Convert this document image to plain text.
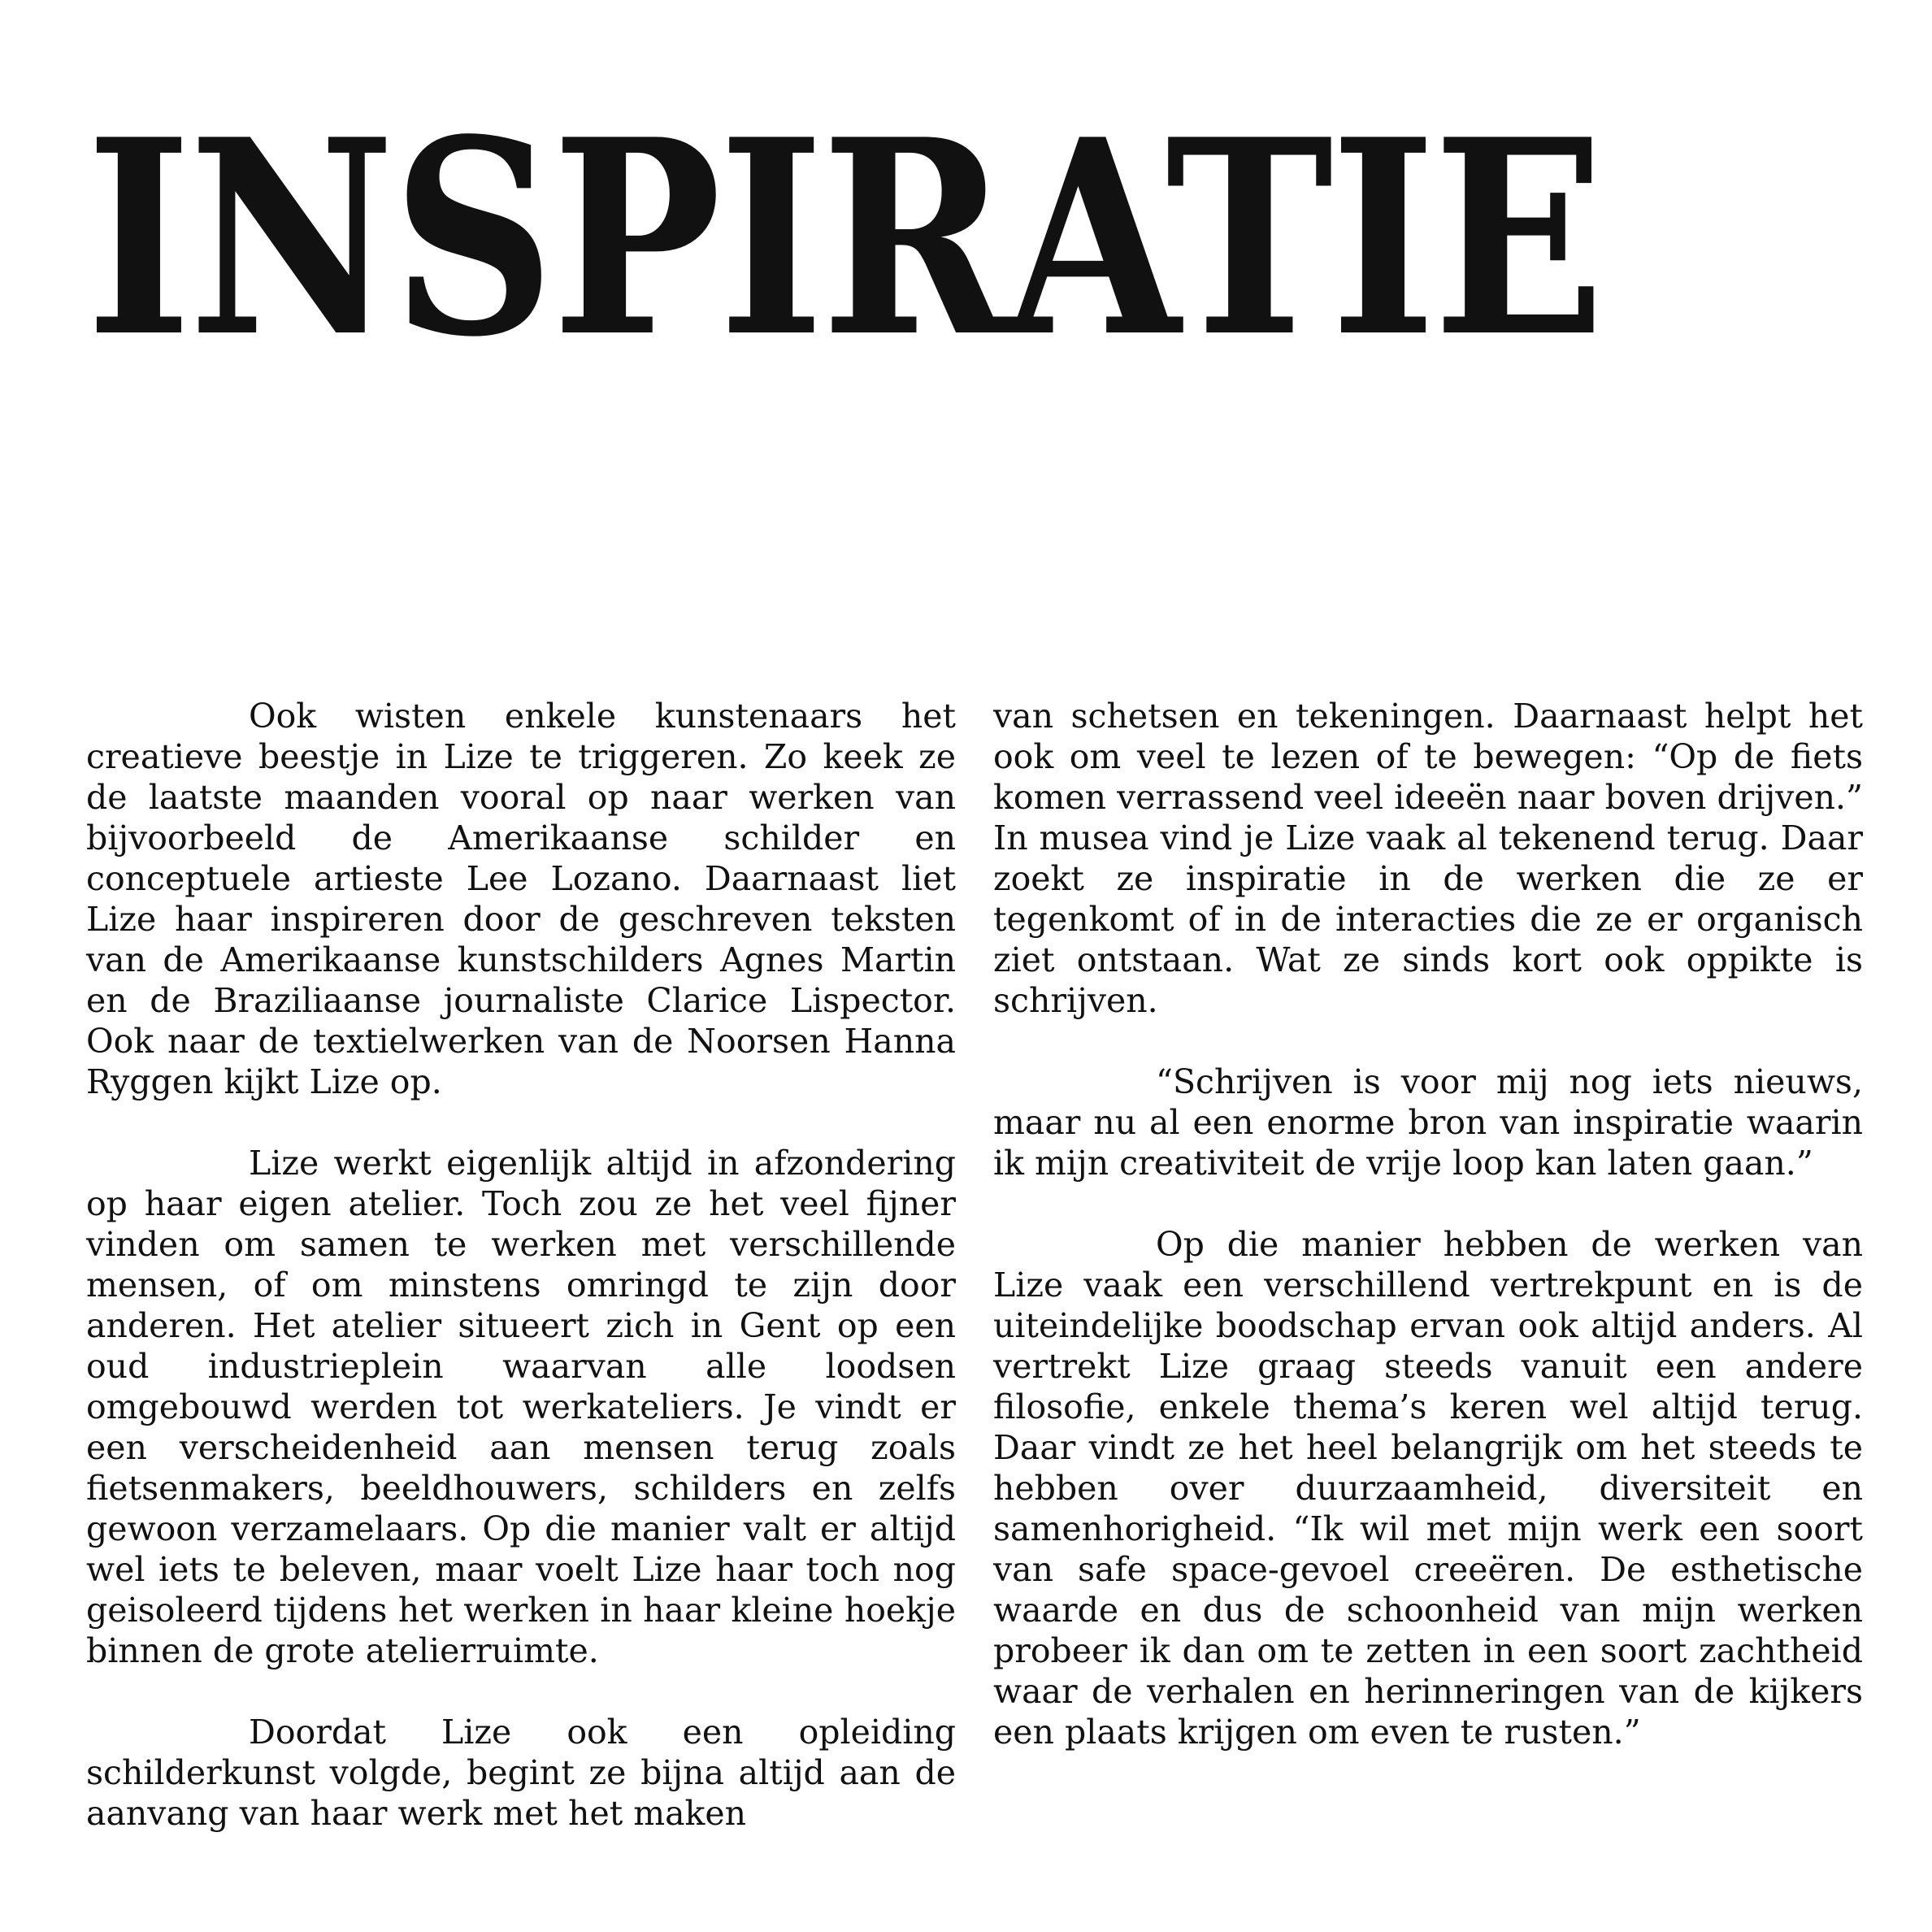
INSPIRATIE

Ook wisten enkele kunstenaars het creatieve beestje in Lize te triggeren. Zo keek ze de laatste maanden vooral op naar werken van bijvoorbeeld de Amerikaanse schilder en conceptuele artieste Lee Lozano. Daarnaast liet Lize haar inspireren door de geschreven teksten van de Amerikaanse kunstschilders Agnes Martin en de Braziliaanse journaliste Clarice Lispector. Ook naar de textielwerken van de Noorsen Hanna Ryggen kijkt Lize op.

Lize werkt eigenlijk altijd in afzondering op haar eigen atelier. Toch zou ze het veel fijner vinden om samen te werken met verschillende mensen, of om minstens omringd te zijn door anderen. Het atelier situeert zich in Gent op een oud industrieplein waarvan alle loodsen omgebouwd werden tot werkateliers. Je vindt er een verscheidenheid aan mensen terug zoals fietsenmakers, beeldhouwers, schilders en zelfs gewoon verzamelaars. Op die manier valt er altijd wel iets te beleven, maar voelt Lize haar toch nog geisoleerd tijdens het werken in haar kleine hoekje binnen de grote atelierruimte.

Doordat Lize ook een opleiding schilderkunst volgde, begint ze bijna altijd aan de aanvang van haar werk met het maken

van schetsen en tekeningen. Daarnaast helpt het ook om veel te lezen of te bewegen: “Op de fiets komen verrassend veel ideeën naar boven drijven.” In musea vind je Lize vaak al tekenend terug. Daar zoekt ze inspiratie in de werken die ze er tegenkomt of in de interacties die ze er organisch ziet ontstaan. Wat ze sinds kort ook oppikte is schrijven.

“Schrijven is voor mij nog iets nieuws, maar nu al een enorme bron van inspiratie waarin ik mijn creativiteit de vrije loop kan laten gaan.”

Op die manier hebben de werken van Lize vaak een verschillend vertrekpunt en is de uiteindelijke boodschap ervan ook altijd anders. Al vertrekt Lize graag steeds vanuit een andere filosofie, enkele thema’s keren wel altijd terug. Daar vindt ze het heel belangrijk om het steeds te hebben over duurzaamheid, diversiteit en samenhorigheid. “Ik wil met mijn werk een soort van safe space-gevoel creeëren. De esthetische waarde en dus de schoonheid van mijn werken probeer ik dan om te zetten in een soort zachtheid waar de verhalen en herinneringen van de kijkers een plaats krijgen om even te rusten.”
